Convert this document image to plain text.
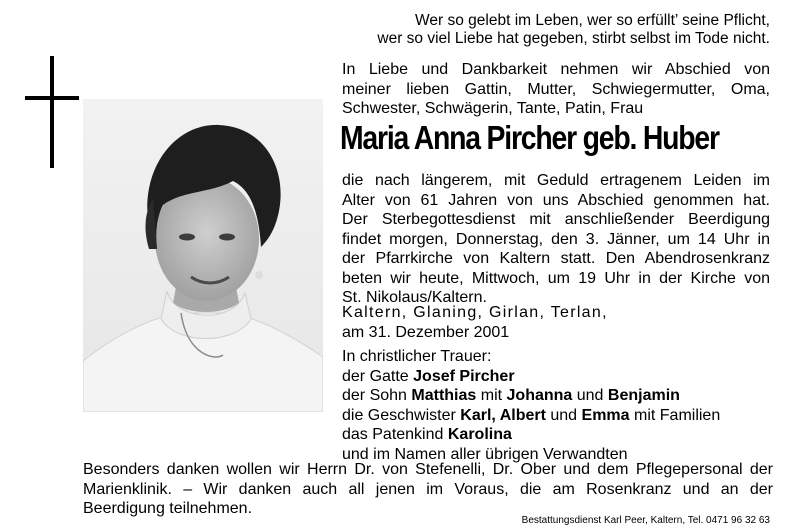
Wer so gelebt im Leben, wer so erfüllt’ seine Pflicht,
wer so viel Liebe hat gegeben, stirbt selbst im Tode nicht.
In Liebe und Dankbarkeit nehmen wir Abschied von
meiner lieben Gattin, Mutter, Schwiegermutter, Oma,
Schwester, Schwägerin, Tante, Patin, Frau
Maria Anna Pircher geb. Huber
die nach längerem, mit Geduld ertragenem Leiden im
Alter von 61 Jahren von uns Abschied genommen hat.
Der Sterbegottesdienst mit anschließender Beerdigung
findet morgen, Donnerstag, den 3. Jänner, um 14 Uhr in
der Pfarrkirche von Kaltern statt. Den Abendrosenkranz
beten wir heute, Mittwoch, um 19 Uhr in der Kirche von
St. Nikolaus/Kaltern.
Kaltern, Glaning, Girlan, Terlan,
am 31. Dezember 2001
In christlicher Trauer:
der Gatte Josef Pircher
der Sohn Matthias mit Johanna und Benjamin
die Geschwister Karl, Albert und Emma mit Familien
das Patenkind Karolina
und im Namen aller übrigen Verwandten
Besonders danken wollen wir Herrn Dr. von Stefenelli, Dr. Ober und dem Pflegepersonal der
Marienklinik. – Wir danken auch all jenen im Voraus, die am Rosenkranz und an der
Beerdigung teilnehmen.
Bestattungsdienst Karl Peer, Kaltern, Tel. 0471 96 32 63
